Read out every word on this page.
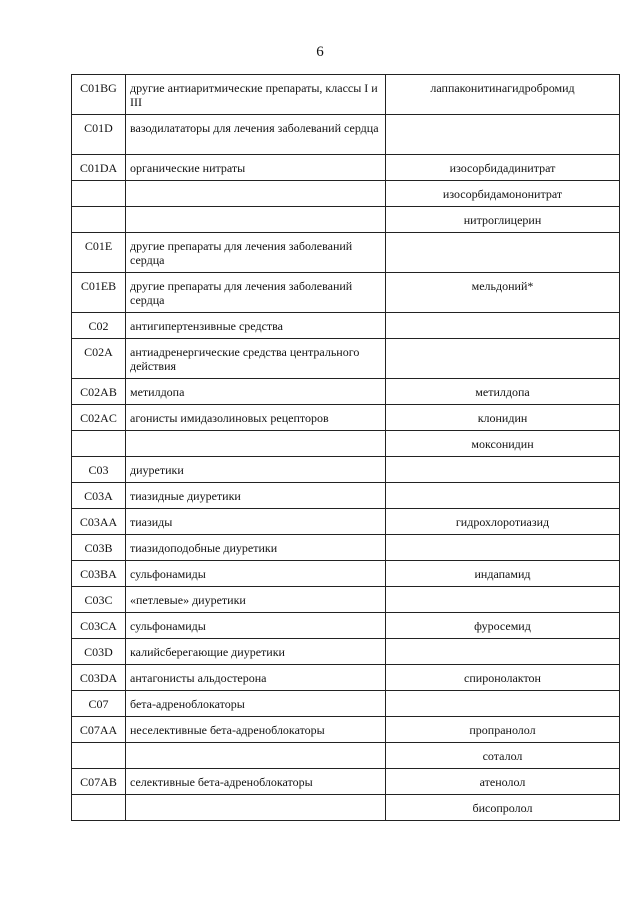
6
C01BG	другие антиаритмические препараты, классы I и III	лаппаконитинагидробромид
C01D	вазодилататоры для лечения заболеваний сердца	
C01DA	органические нитраты	изосорбидадинитрат
		изосорбидамононитрат
		нитроглицерин
C01E	другие препараты для лечения заболеваний сердца	
C01EB	другие препараты для лечения заболеваний сердца	мельдоний*
C02	антигипертензивные средства	
C02A	антиадренергические средства центрального действия	
C02AB	метилдопа	метилдопа
C02AC	агонисты имидазолиновых рецепторов	клонидин
		моксонидин
C03	диуретики	
C03A	тиазидные диуретики	
C03AA	тиазиды	гидрохлоротиазид
C03B	тиазидоподобные диуретики	
C03BA	сульфонамиды	индапамид
C03C	«петлевые» диуретики	
C03CA	сульфонамиды	фуросемид
C03D	калийсберегающие диуретики	
C03DA	антагонисты альдостерона	спиронолактон
C07	бета-адреноблокаторы	
C07AA	неселективные бета-адреноблокаторы	пропранолол
		соталол
C07AB	селективные бета-адреноблокаторы	атенолол
		бисопролол
